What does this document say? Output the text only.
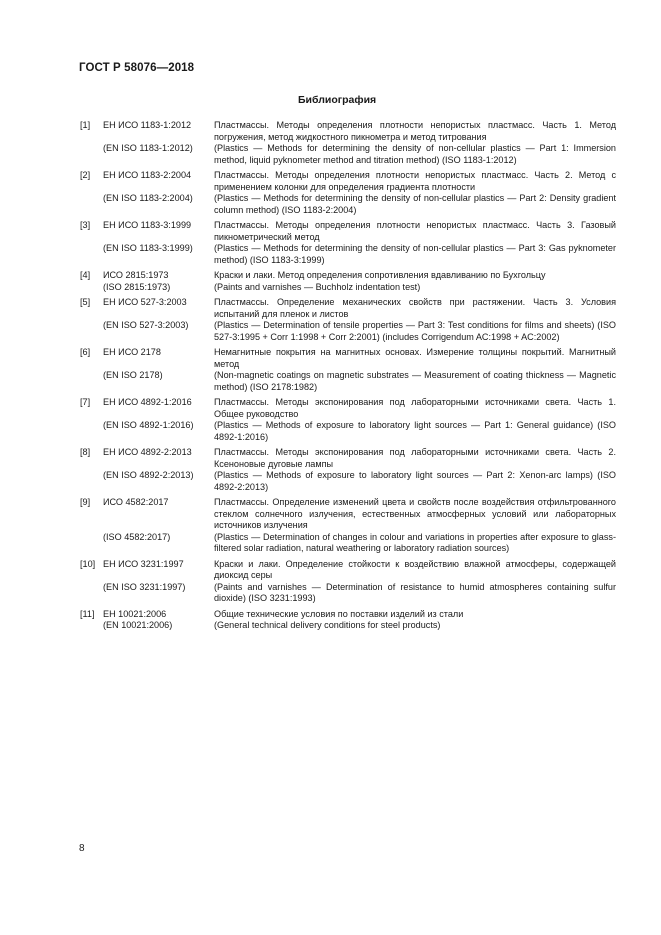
ГОСТ Р 58076—2018
Библиография
[1]	ЕН ИСО 1183-1:2012	Пластмассы. Методы определения плотности непористых пластмасс. Часть 1. Метод погружения, метод жидкостного пикнометра и метод титрования
(EN ISO 1183-1:2012)	(Plastics — Methods for determining the density of non-cellular plastics — Part 1: Immersion method, liquid pyknometer method and titration method) (ISO 1183-1:2012)
[2]	ЕН ИСО 1183-2:2004	Пластмассы. Методы определения плотности непористых пластмасс. Часть 2. Метод с применением колонки для определения градиента плотности
(EN ISO 1183-2:2004)	(Plastics — Methods for determining the density of non-cellular plastics — Part 2: Density gradient column method) (ISO 1183-2:2004)
[3]	ЕН ИСО 1183-3:1999	Пластмассы. Методы определения плотности непористых пластмасс. Часть 3. Газовый пикнометрический метод
(EN ISO 1183-3:1999)	(Plastics — Methods for determining the density of non-cellular plastics — Part 3: Gas pyknometer method) (ISO 1183-3:1999)
[4]	ИСО 2815:1973	Краски и лаки. Метод определения сопротивления вдавливанию по Бухгольцу
(ISO 2815:1973)	(Paints and varnishes — Buchholz indentation test)
[5]	ЕН ИСО 527-3:2003	Пластмассы. Определение механических свойств при растяжении. Часть 3. Условия испытаний для пленок и листов
(EN ISO 527-3:2003)	(Plastics — Determination of tensile properties — Part 3: Test conditions for films and sheets) (ISO 527-3:1995 + Corr 1:1998 + Corr 2:2001) (includes Corrigendum AC:1998 + AC:2002)
[6]	ЕН ИСО 2178	Немагнитные покрытия на магнитных основах. Измерение толщины покрытий. Магнитный метод
(EN ISO 2178)	(Non-magnetic coatings on magnetic substrates — Measurement of coating thickness — Magnetic method) (ISO 2178:1982)
[7]	ЕН ИСО 4892-1:2016	Пластмассы. Методы экспонирования под лабораторными источниками света. Часть 1. Общее руководство
(EN ISO 4892-1:2016)	(Plastics — Methods of exposure to laboratory light sources — Part 1: General guidance) (ISO 4892-1:2016)
[8]	ЕН ИСО 4892-2:2013	Пластмассы. Методы экспонирования под лабораторными источниками света. Часть 2. Ксеноновые дуговые лампы
(EN ISO 4892-2:2013)	(Plastics — Methods of exposure to laboratory light sources — Part 2: Xenon-arc lamps) (ISO 4892-2:2013)
[9]	ИСО 4582:2017	Пластмассы. Определение изменений цвета и свойств после воздействия отфильтрованного стеклом солнечного излучения, естественных атмосферных условий или лабораторных источников излучения
(ISO 4582:2017)	(Plastics — Determination of changes in colour and variations in properties after exposure to glass-filtered solar radiation, natural weathering or laboratory radiation sources)
[10] ЕН ИСО 3231:1997	Краски и лаки. Определение стойкости к воздействию влажной атмосферы, содержащей диоксид серы
(EN ISO 3231:1997)	(Paints and varnishes — Determination of resistance to humid atmospheres containing sulfur dioxide) (ISO 3231:1993)
[11] ЕН 10021:2006	Общие технические условия по поставки изделий из стали
(EN 10021:2006)	(General technical delivery conditions for steel products)
8
